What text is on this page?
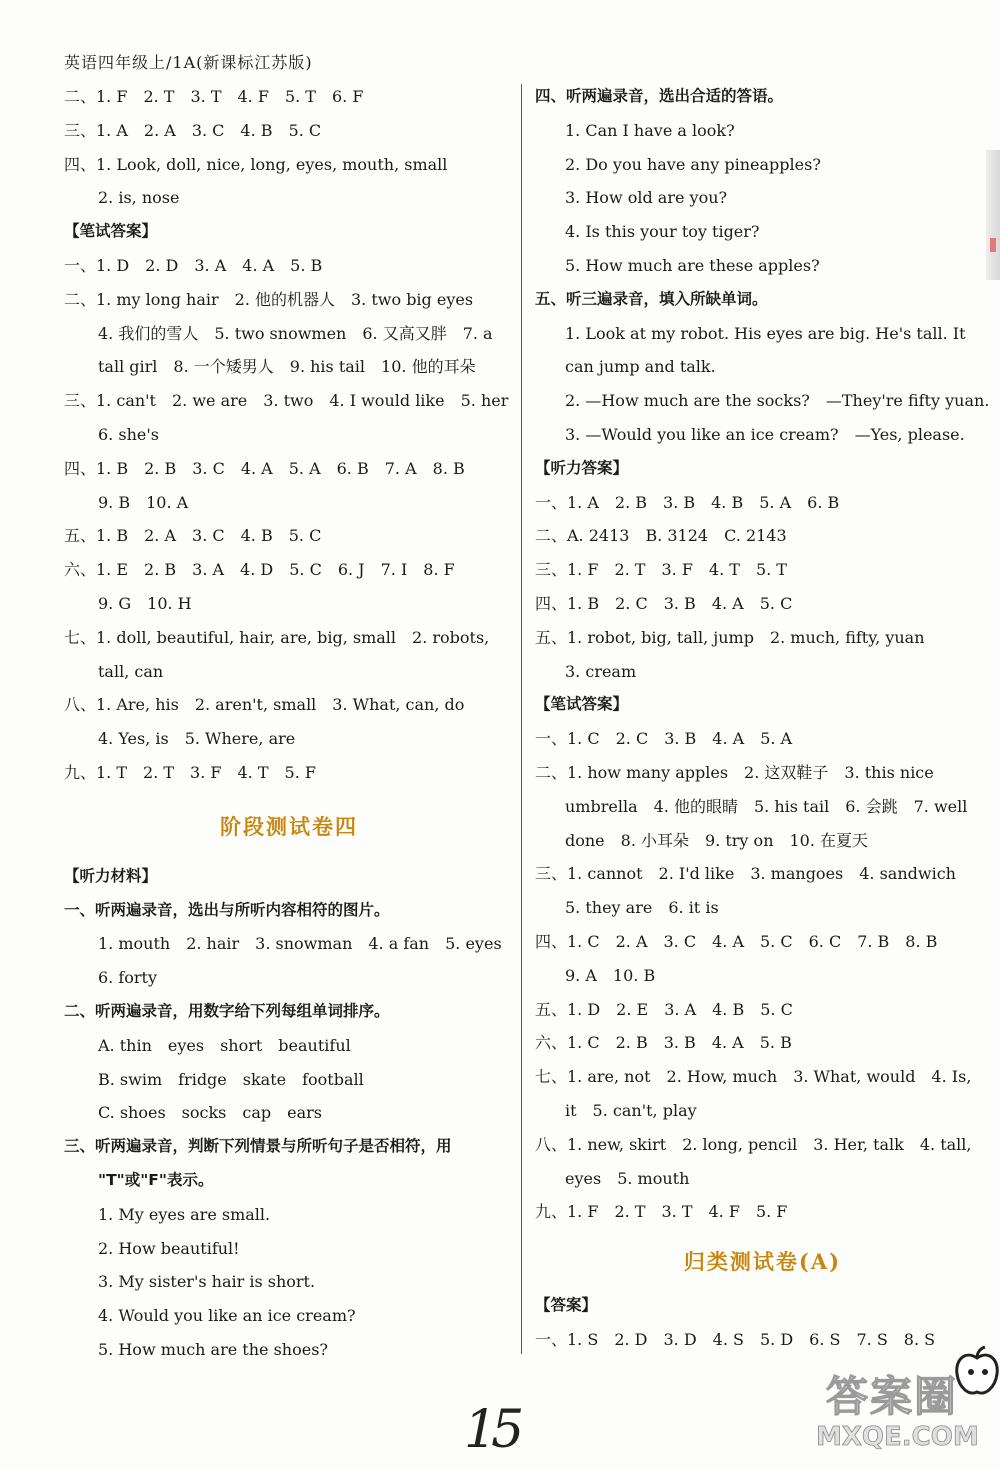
英语四年级上/1A(新课标江苏版)
二、1. F　2. T　3. T　4. F　5. T　6. F
三、1. A　2. A　3. C　4. B　5. C
四、1. Look, doll, nice, long, eyes, mouth, small
2. is, nose
【笔试答案】
一、1. D　2. D　3. A　4. A　5. B
二、1. my long hair　2. 他的机器人　3. two big eyes
4. 我们的雪人　5. two snowmen　6. 又高又胖　7. a
tall girl　8. 一个矮男人　9. his tail　10. 他的耳朵
三、1. can't　2. we are　3. two　4. I would like　5. her
6. she's
四、1. B　2. B　3. C　4. A　5. A　6. B　7. A　8. B
9. B　10. A
五、1. B　2. A　3. C　4. B　5. C
六、1. E　2. B　3. A　4. D　5. C　6. J　7. I　8. F
9. G　10. H
七、1. doll, beautiful, hair, are, big, small　2. robots,
tall, can
八、1. Are, his　2. aren't, small　3. What, can, do
4. Yes, is　5. Where, are
九、1. T　2. T　3. F　4. T　5. F
阶段测试卷四
【听力材料】
一、听两遍录音，选出与所听内容相符的图片。
1. mouth　2. hair　3. snowman　4. a fan　5. eyes
6. forty
二、听两遍录音，用数字给下列每组单词排序。
A. thin　eyes　short　beautiful
B. swim　fridge　skate　football
C. shoes　socks　cap　ears
三、听两遍录音，判断下列情景与所听句子是否相符，用
"T"或"F"表示。
1. My eyes are small.
2. How beautiful!
3. My sister's hair is short.
4. Would you like an ice cream?
5. How much are the shoes?
四、听两遍录音，选出合适的答语。
1. Can I have a look?
2. Do you have any pineapples?
3. How old are you?
4. Is this your toy tiger?
5. How much are these apples?
五、听三遍录音，填入所缺单词。
1. Look at my robot. His eyes are big. He's tall. It
can jump and talk.
2. —How much are the socks?　—They're fifty yuan.
3. —Would you like an ice cream?　—Yes, please.
【听力答案】
一、1. A　2. B　3. B　4. B　5. A　6. B
二、A. 2413　B. 3124　C. 2143
三、1. F　2. T　3. F　4. T　5. T
四、1. B　2. C　3. B　4. A　5. C
五、1. robot, big, tall, jump　2. much, fifty, yuan
3. cream
【笔试答案】
一、1. C　2. C　3. B　4. A　5. A
二、1. how many apples　2. 这双鞋子　3. this nice
umbrella　4. 他的眼睛　5. his tail　6. 会跳　7. well
done　8. 小耳朵　9. try on　10. 在夏天
三、1. cannot　2. I'd like　3. mangoes　4. sandwich
5. they are　6. it is
四、1. C　2. A　3. C　4. A　5. C　6. C　7. B　8. B
9. A　10. B
五、1. D　2. E　3. A　4. B　5. C
六、1. C　2. B　3. B　4. A　5. B
七、1. are, not　2. How, much　3. What, would　4. Is,
it　5. can't, play
八、1. new, skirt　2. long, pencil　3. Her, talk　4. tall,
eyes　5. mouth
九、1. F　2. T　3. T　4. F　5. F
归类测试卷(A)
【答案】
一、1. S　2. D　3. D　4. S　5. D　6. S　7. S　8. S
15
答案圈
MXQE.COM
